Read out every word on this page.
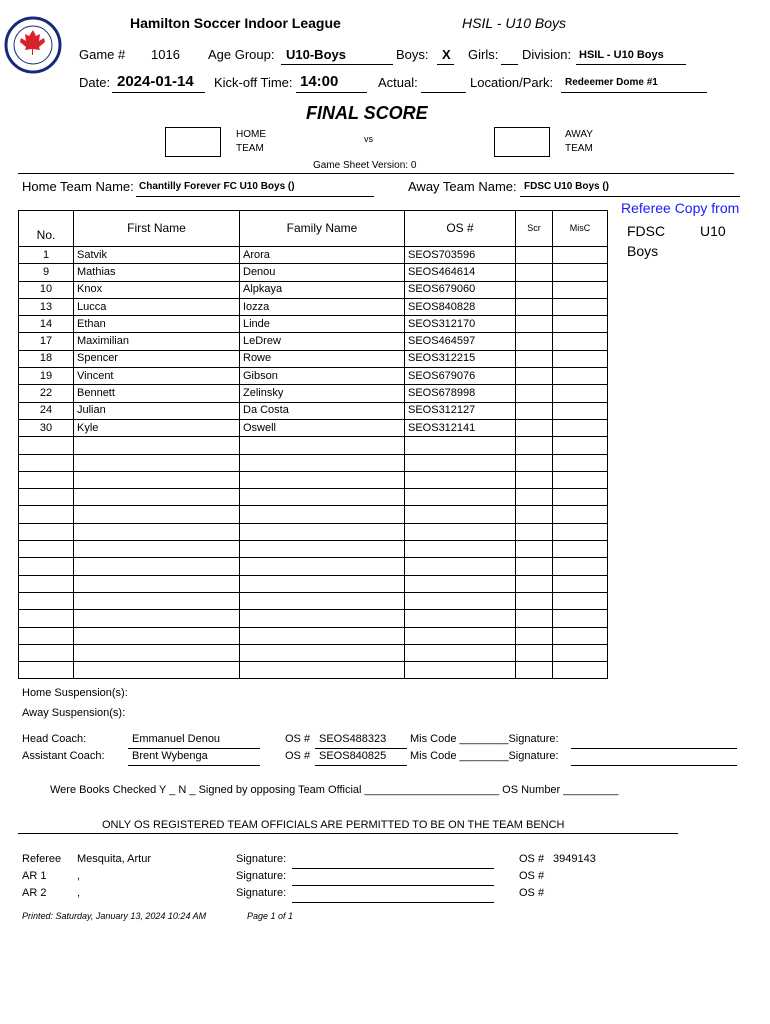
Hamilton Soccer Indoor League	HSIL - U10 Boys
Game # 1016 Age Group: U10-Boys	Boys: X Girls: Division: HSIL - U10 Boys
Date: 2024-01-14 Kick-off Time: 14:00	Actual:	Location/Park: Redeemer Dome #1
FINAL SCORE
HOME
TEAM
vs	AWAY
TEAM
Game Sheet Version: 0
Home Team Name: Chantilly Forever FC U10 Boys ()	Away Team Name: FDSC U10 Boys ()
Referee Copy from
FDSC U10
Boys
No.	First Name	Family Name	OS #	Scr	MisC
1	Satvik	Arora	SEOS703596		
9	Mathias	Denou	SEOS464614		
10	Knox	Alpkaya	SEOS679060		
13	Lucca	Iozza	SEOS840828		
14	Ethan	Linde	SEOS312170		
17	Maximilian	LeDrew	SEOS464597		
18	Spencer	Rowe	SEOS312215		
19	Vincent	Gibson	SEOS679076		
22	Bennett	Zelinsky	SEOS678998		
24	Julian	Da Costa	SEOS312127		
30	Kyle	Oswell	SEOS312141		

Home Suspension(s):
Away Suspension(s):
Head Coach:	Emmanuel Denou	OS # SEOS488323 Mis Code ________Signature:
Assistant Coach: Brent Wybenga	OS # SEOS840825 Mis Code ________Signature:
Were Books Checked Y _ N _ Signed by opposing Team Official ______________________ OS Number _________
ONLY OS REGISTERED TEAM OFFICIALS ARE PERMITTED TO BE ON THE TEAM BENCH
Referee Mesquita, Artur	Signature:	OS # 3949143
AR 1	,	Signature:	OS #
AR 2	,	Signature:	OS #
Printed: Saturday, January 13, 2024 10:24 AM	Page 1 of 1
